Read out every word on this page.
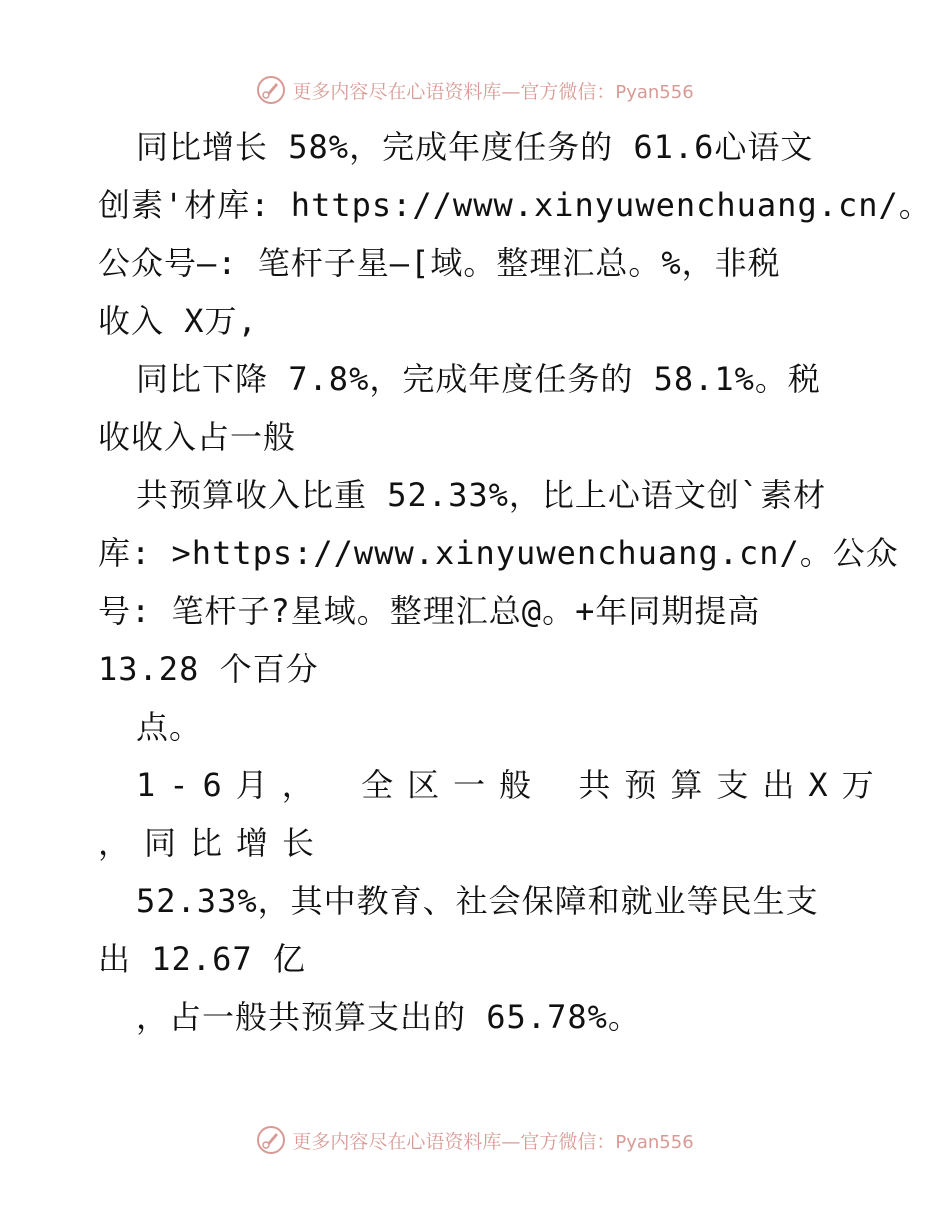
更多内容尽在心语资料库—官方微信：Pyan556
同比增长 58%，完成年度任务的 61.6心语文
创素'材库: https://www.xinyuwenchuang.cn/。
公众号—: 笔杆子星—[域。整理汇总。%，非税
收入 X万,
同比下降 7.8%，完成年度任务的 58.1%。税
收收入占一般
共预算收入比重 52.33%，比上心语文创`素材
库: >https://www.xinyuwenchuang.cn/。公众
号: 笔杆子?星域。整理汇总@。+年同期提高
13.28 个百分
点。
1-6月， 全区一般 共预算支出X万
，同比增长
52.33%，其中教育、社会保障和就业等民生支
出 12.67 亿
，占一般共预算支出的 65.78%。
更多内容尽在心语资料库—官方微信：Pyan556
